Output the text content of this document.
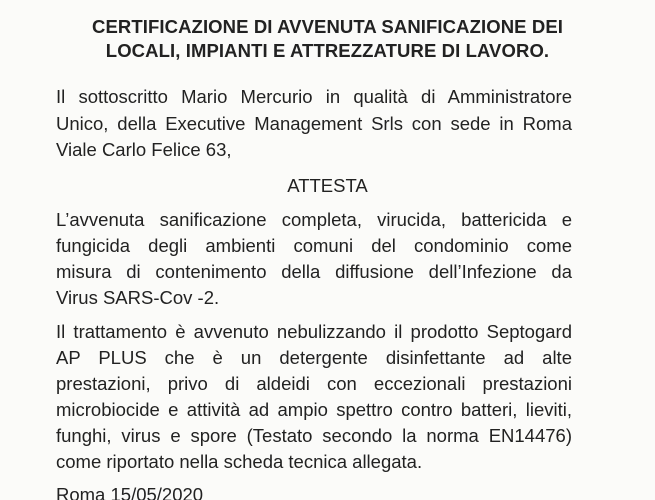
CERTIFICAZIONE DI AVVENUTA SANIFICAZIONE DEI
LOCALI, IMPIANTI E ATTREZZATURE DI LAVORO.
Il sottoscritto Mario Mercurio in qualità di Amministratore
Unico, della Executive Management Srls con sede in Roma
Viale Carlo Felice 63,
ATTESTA
L’avvenuta sanificazione completa, virucida, battericida e
fungicida degli ambienti comuni del condominio come
misura di contenimento della diffusione dell’Infezione da
Virus SARS-Cov -2.
Il trattamento è avvenuto nebulizzando il prodotto Septogard
AP PLUS che è un detergente disinfettante ad alte
prestazioni, privo di aldeidi con eccezionali prestazioni
microbiocide e attività ad ampio spettro contro batteri, lieviti,
funghi, virus e spore (Testato secondo la norma EN14476)
come riportato nella scheda tecnica allegata.
Roma 15/05/2020
